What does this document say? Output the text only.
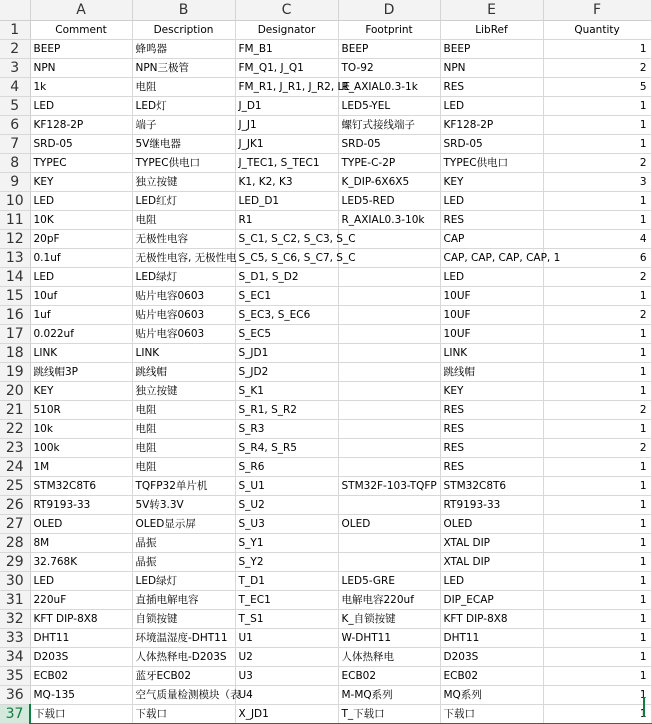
	A	B	C	D	E	F
1	Comment	Description	Designator	Footprint	LibRef	Quantity
2	BEEP	蜂鸣器	FM_B1	BEEP	BEEP	1
3	NPN	NPN三极管	FM_Q1, J_Q1	TO-92	NPN	2
4	1k	电阻	FM_R1, J_R1, J_R2, LE	R_AXIAL0.3-1k	RES	5
5	LED	LED灯	J_D1	LED5-YEL	LED	1
6	KF128-2P	端子	J_J1	螺钉式接线端子	KF128-2P	1
7	SRD-05	5V继电器	J_JK1	SRD-05	SRD-05	1
8	TYPEC	TYPEC供电口	J_TEC1, S_TEC1	TYPE-C-2P	TYPEC供电口	2
9	KEY	独立按键	K1, K2, K3	K_DIP-6X6X5	KEY	3
10	LED	LED红灯	LED_D1	LED5-RED	LED	1
11	10K	电阻	R1	R_AXIAL0.3-10k	RES	1
12	20pF	无极性电容	S_C1, S_C2, S_C3, S_C		CAP	4
13	0.1uf	无极性电容, 无极性电	S_C5, S_C6, S_C7, S_C		CAP, CAP, CAP, CAP, 1	6
14	LED	LED绿灯	S_D1, S_D2		LED	2
15	10uf	贴片电容0603	S_EC1		10UF	1
16	1uf	贴片电容0603	S_EC3, S_EC6		10UF	2
17	0.022uf	贴片电容0603	S_EC5		10UF	1
18	LINK	LINK	S_JD1		LINK	1
19	跳线帽3P	跳线帽	S_JD2		跳线帽	1
20	KEY	独立按键	S_K1		KEY	1
21	510R	电阻	S_R1, S_R2		RES	2
22	10k	电阻	S_R3		RES	1
23	100k	电阻	S_R4, S_R5		RES	2
24	1M	电阻	S_R6		RES	1
25	STM32C8T6	TQFP32单片机	S_U1	STM32F-103-TQFP	STM32C8T6	1
26	RT9193-33	5V转3.3V	S_U2		RT9193-33	1
27	OLED	OLED显示屏	S_U3	OLED	OLED	1
28	8M	晶振	S_Y1		XTAL DIP	1
29	32.768K	晶振	S_Y2		XTAL DIP	1
30	LED	LED绿灯	T_D1	LED5-GRE	LED	1
31	220uF	直插电解电容	T_EC1	电解电容220uf	DIP_ECAP	1
32	KFT DIP-8X8	自锁按键	T_S1	K_自锁按键	KFT DIP-8X8	1
33	DHT11	环境温湿度-DHT11	U1	W-DHT11	DHT11	1
34	D203S	人体热释电-D203S	U2	人体热释电	D203S	1
35	ECB02	蓝牙ECB02	U3	ECB02	ECB02	1
36	MQ-135	空气质量检测模块（表	U4	M-MQ系列	MQ系列	1
37	下载口	下载口	X_JD1	T_下载口	下载口	1
